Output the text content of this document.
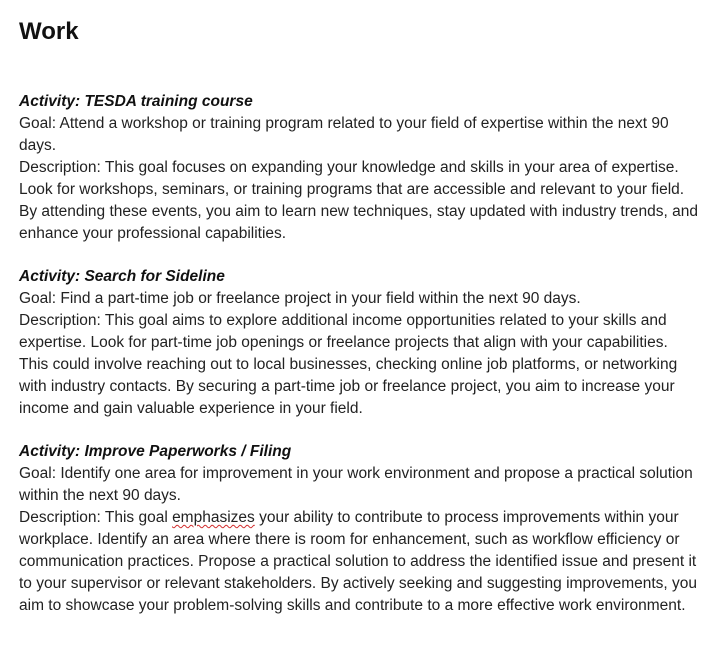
Work

Activity: TESDA training course

Goal: Attend a workshop or training program related to your field of expertise within the next 90 days.

Description: This goal focuses on expanding your knowledge and skills in your area of expertise. Look for workshops, seminars, or training programs that are accessible and relevant to your field. By attending these events, you aim to learn new techniques, stay updated with industry trends, and enhance your professional capabilities.

Activity: Search for Sideline

Goal: Find a part-time job or freelance project in your field within the next 90 days.

Description: This goal aims to explore additional income opportunities related to your skills and expertise. Look for part-time job openings or freelance projects that align with your capabilities. This could involve reaching out to local businesses, checking online job platforms, or networking with industry contacts. By securing a part-time job or freelance project, you aim to increase your income and gain valuable experience in your field.

Activity: Improve Paperworks / Filing

Goal: Identify one area for improvement in your work environment and propose a practical solution within the next 90 days.

Description: This goal emphasizes your ability to contribute to process improvements within your workplace. Identify an area where there is room for enhancement, such as workflow efficiency or communication practices. Propose a practical solution to address the identified issue and present it to your supervisor or relevant stakeholders. By actively seeking and suggesting improvements, you aim to showcase your problem-solving skills and contribute to a more effective work environment.
